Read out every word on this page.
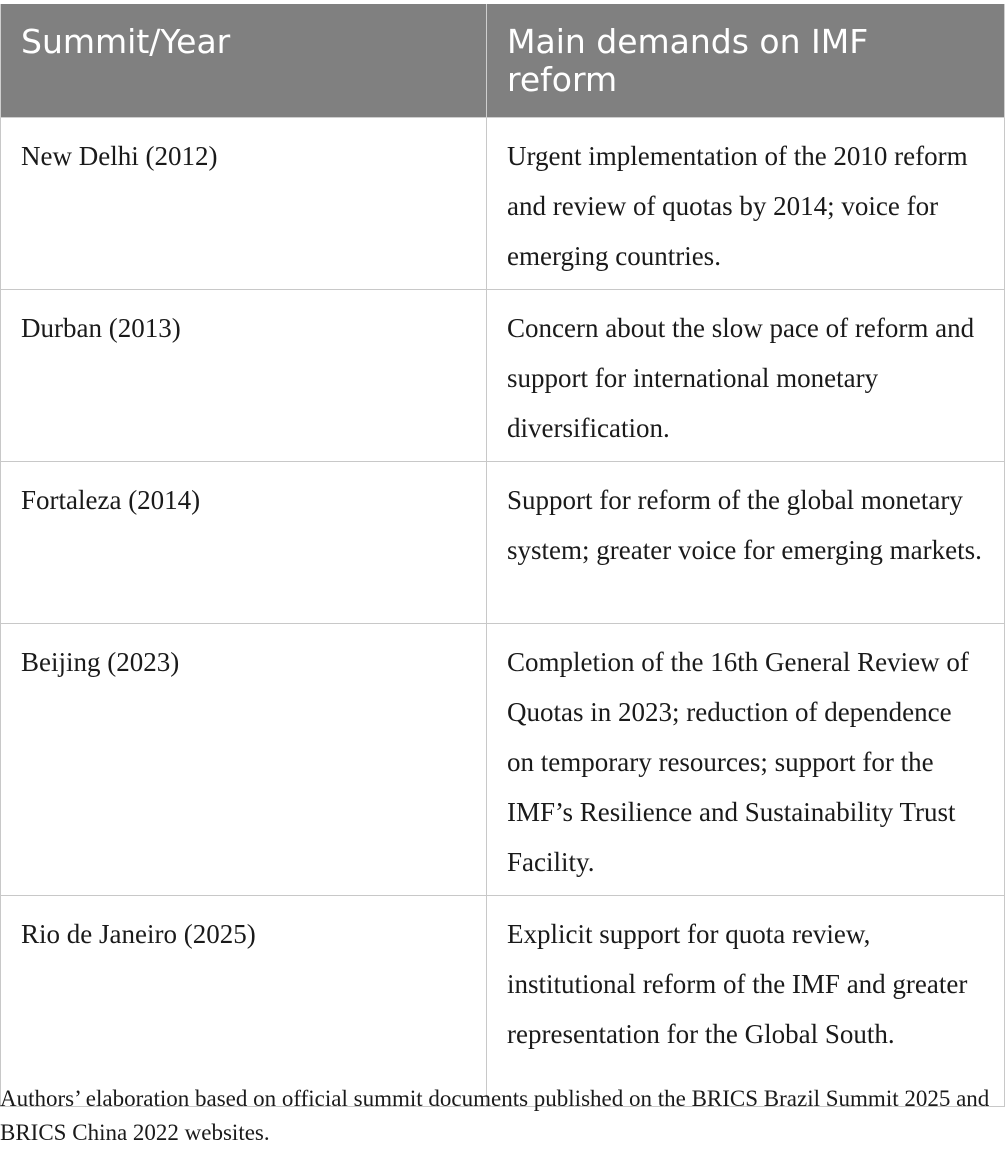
Summit/Year	Main demands on IMF reform
New Delhi (2012)	Urgent implementation of the 2010 reform and review of quotas by 2014; voice for emerging countries.
Durban (2013)	Concern about the slow pace of reform and support for international monetary diversification.
Fortaleza (2014)	Support for reform of the global monetary system; greater voice for emerging markets.
Beijing (2023)	Completion of the 16th General Review of Quotas in 2023; reduction of dependence on temporary resources; support for the IMF’s Resilience and Sustainability Trust Facility.
Rio de Janeiro (2025)	Explicit support for quota review, institutional reform of the IMF and greater representation for the Global South.
Authors’ elaboration based on official summit documents published on the BRICS Brazil Summit 2025 and BRICS China 2022 websites.
